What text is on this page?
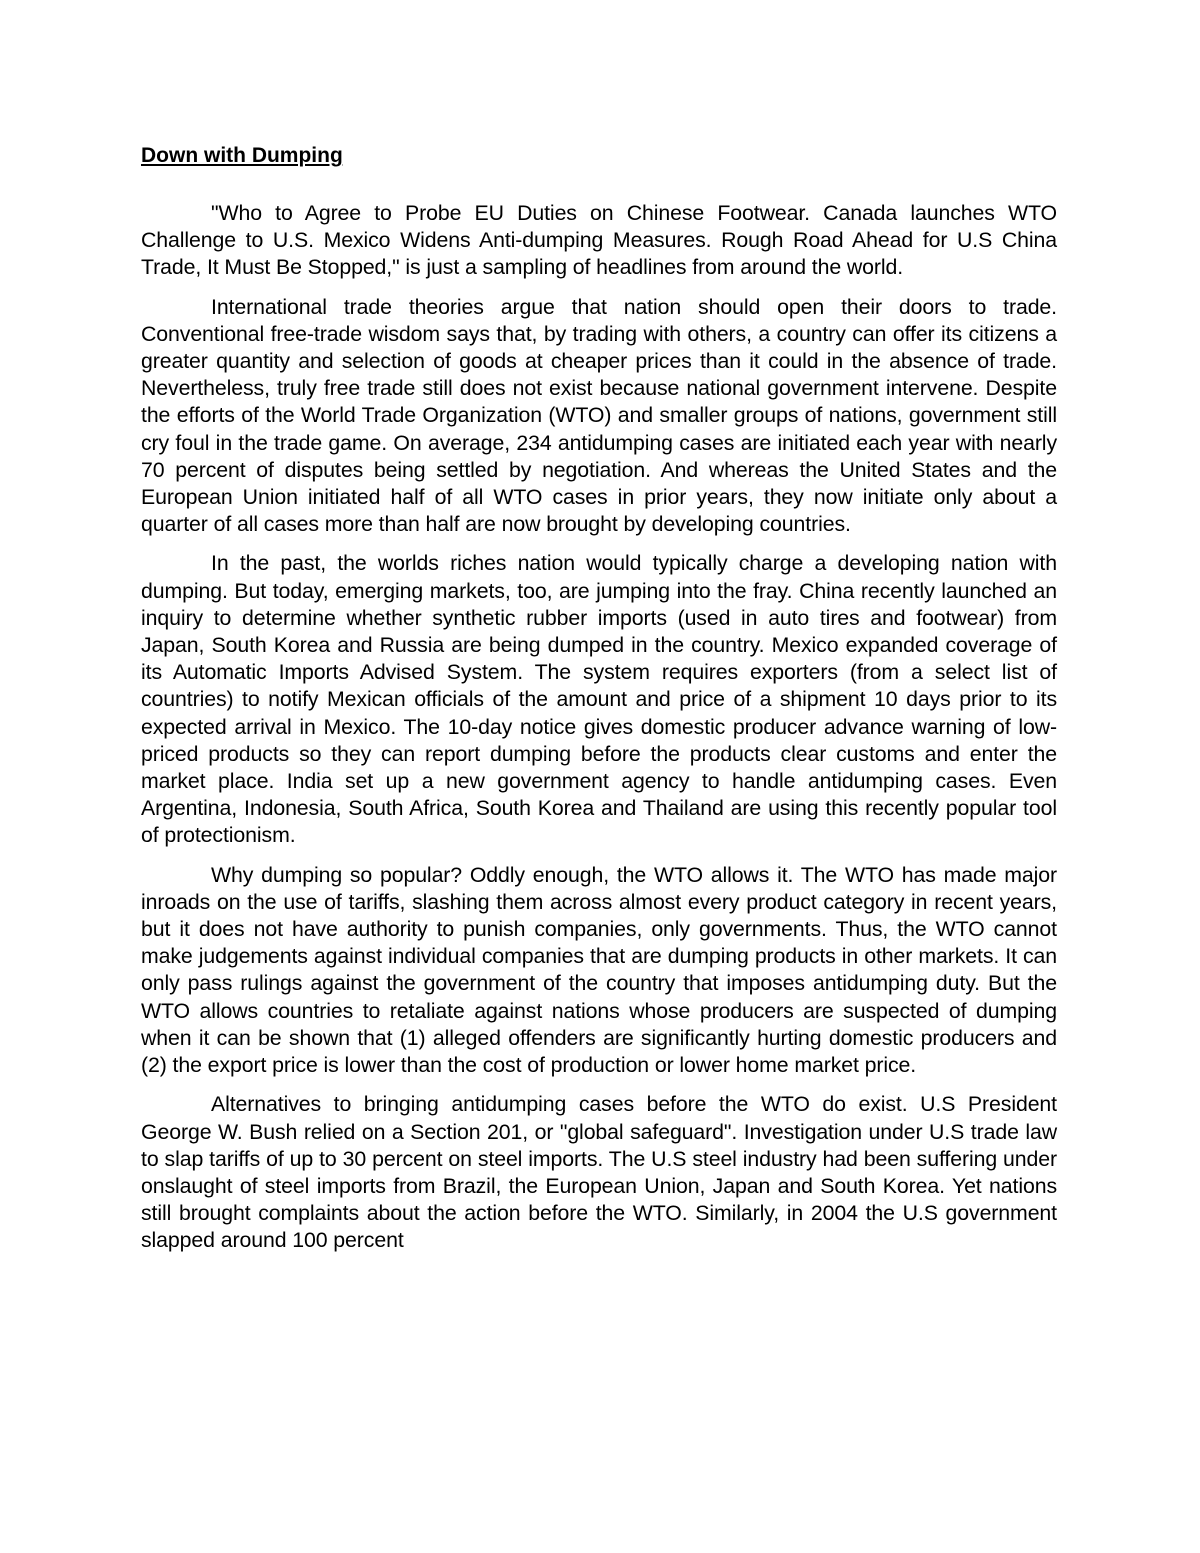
Down with Dumping

"Who to Agree to Probe EU Duties on Chinese Footwear. Canada launches WTO Challenge to U.S. Mexico Widens Anti-dumping Measures. Rough Road Ahead for U.S China Trade, It Must Be Stopped," is just a sampling of headlines from around the world.

International trade theories argue that nation should open their doors to trade. Conventional free-trade wisdom says that, by trading with others, a country can offer its citizens a greater quantity and selection of goods at cheaper prices than it could in the absence of trade. Nevertheless, truly free trade still does not exist because national government intervene. Despite the efforts of the World Trade Organization (WTO) and smaller groups of nations, government still cry foul in the trade game. On average, 234 antidumping cases are initiated each year with nearly 70 percent of disputes being settled by negotiation. And whereas the United States and the European Union initiated half of all WTO cases in prior years, they now initiate only about a quarter of all cases more than half are now brought by developing countries.

In the past, the worlds riches nation would typically charge a developing nation with dumping. But today, emerging markets, too, are jumping into the fray. China recently launched an inquiry to determine whether synthetic rubber imports (used in auto tires and footwear) from Japan, South Korea and Russia are being dumped in the country. Mexico expanded coverage of its Automatic Imports Advised System. The system requires exporters (from a select list of countries) to notify Mexican officials of the amount and price of a shipment 10 days prior to its expected arrival in Mexico. The 10-day notice gives domestic producer advance warning of low-priced products so they can report dumping before the products clear customs and enter the market place. India set up a new government agency to handle antidumping cases. Even Argentina, Indonesia, South Africa, South Korea and Thailand are using this recently popular tool of protectionism.

Why dumping so popular? Oddly enough, the WTO allows it. The WTO has made major inroads on the use of tariffs, slashing them across almost every product category in recent years, but it does not have authority to punish companies, only governments. Thus, the WTO cannot make judgements against individual companies that are dumping products in other markets. It can only pass rulings against the government of the country that imposes antidumping duty. But the WTO allows countries to retaliate against nations whose producers are suspected of dumping when it can be shown that (1) alleged offenders are significantly hurting domestic producers and (2) the export price is lower than the cost of production or lower home market price.

Alternatives to bringing antidumping cases before the WTO do exist. U.S President George W. Bush relied on a Section 201, or "global safeguard". Investigation under U.S trade law to slap tariffs of up to 30 percent on steel imports. The U.S steel industry had been suffering under onslaught of steel imports from Brazil, the European Union, Japan and South Korea. Yet nations still brought complaints about the action before the WTO. Similarly, in 2004 the U.S government slapped around 100 percent
